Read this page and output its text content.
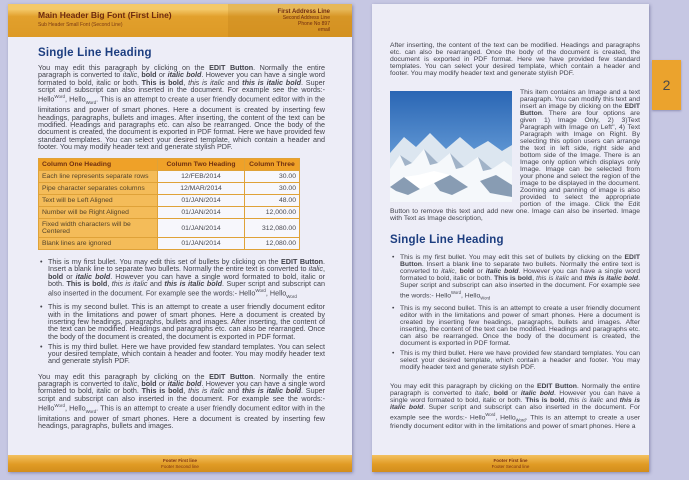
Main Header Big Font (First Line)
Sub Header Small Font (Second Line)
First Address Line
Second Address Line
Phone No 897
email
Single Line Heading

You may edit this paragraph by clicking on the EDIT Button. Normally the entire paragraph is converted to italic, bold or italic bold. However you can have a single word formated to bold, italic or both. This is bold, this is italic and this is italic bold. Super script and subscript can also inserted in the document. For example see the words:- Hello$^{Word}$, Hello$_{Word}$. This is an attempt to create a user friendly document editor with in the limitations and power of smart phones. Here a document is created by inserting few headings, paragraphs, bullets and images. After inserting, the content of the text can be modified. Headings and paragraphs etc. can also be rearranged. Once the body of the document is created, the document is exported in PDF format. Here we have provided few standard templates. You can select your desired template, which contain a header and footer. You may modify header text and generate stylish PDF.

Column One Heading	Column Two Heading	Column Three
Each line represents separate rows	12/FEB/2014	30.00
Pipe character separates columns	12/MAR/2014	30.00
Text will be Left Aligned	01/JAN/2014	48.00
Number will be Right Aligned	01/JAN/2014	12,000.00
Fixed width characters will be Centered	01/JAN/2014	312,080.00
Blank lines are ignored	01/JAN/2014	12,080.00
• This is my first bullet. You may edit this set of bullets by clicking on the EDIT Button. Insert a blank line to separate two bullets. Normally the entire text is converted to italic, bold or italic bold. However you can have a single word formated to bold, italic or both. This is bold, this is italic and this is italic bold. Super script and subscript can also inserted in the document. For example see the words:- Hello$^{Word}$, Hello$_{Word}$
• This is my second bullet. This is an attempt to create a user friendly document editor with in the limitations and power of smart phones. Here a document is created by inserting few headings, paragraphs, bullets and images. After inserting, the content of the text can be modified. Headings and paragraphs etc. can also be rearranged. Once the body of the document is created, the document is exported in PDF format.
• This is my third bullet. Here we have provided few standard templates. You can select your desired template, which contain a header and footer. You may modify header text and generate stylish PDF.

You may edit this paragraph by clicking on the EDIT Button. Normally the entire paragraph is converted to italic, bold or italic bold. However you can have a single word formated to bold, italic or both. This is bold, this is italic and this is italic bold. Super script and subscript can also inserted in the document. For example see the words:- Hello$^{Word}$, Hello$_{Word}$. This is an attempt to create a user friendly document editor with in the limitations and power of smart phones. Here a document is created by inserting few headings, paragraphs, bullets and images.

Footer First line
Footer Second line

After inserting, the content of the text can be modified. Headings and paragraphs etc. can also be rearranged. Once the body of the document is created, the document is exported in PDF format. Here we have provided few standard templates. You can select your desired template, which contain a header and footer. You may modify header text and generate stylish PDF.

This item contains an Image and a text paragraph. You can modify this text and insert an image by clicking on the EDIT Button. There are four options are given 1) Image Only, 2) 3)Text Paragraph with Image on Left", 4) Text Paragraph with Image on Right. By selecting this option users can arrange the text in left side, right side and bottom side of the Image. There is an Image only option which displays only Image. Image can be selected from your phone and select the region of the image to be displayed in the document. Zooming and panning of image is also provided to select the appropriate portion of the image. Click the Edit Button to remove this text and add new one. Image can also be inserted. Image with Text as Image description,

Single Line Heading
• This is my first bullet. You may edit this set of bullets by clicking on the EDIT Button. Insert a blank line to separate two bullets. Normally the entire text is converted to italic, bold or italic bold. However you can have a single word formated to bold, italic or both. This is bold, this is italic and this is italic bold. Super script and subscript can also inserted in the document. For example see the words:- Hello$^{Word}$, Hello$_{Word}$
• This is my second bullet. This is an attempt to create a user friendly document editor with in the limitations and power of smart phones. Here a document is created by inserting few headings, paragraphs, bullets and images. After inserting, the content of the text can be modified. Headings and paragraphs etc. can also be rearranged. Once the body of the document is created, the document is exported in PDF format.
• This is my third bullet. Here we have provided few standard templates. You can select your desired template, which contain a header and footer. You may modify header text and generate stylish PDF.

You may edit this paragraph by clicking on the EDIT Button. Normally the entire paragraph is converted to italic, bold or italic bold. However you can have a single word formated to bold, italic or both. This is bold, this is italic and this is italic bold. Super script and subscript can also inserted in the document. For example see the words:- Hello$^{Word}$, Hello$_{Word}$. This is an attempt to create a user friendly document editor with in the limitations and power of smart phones. Here a

Footer First line
Footer Second line
2
